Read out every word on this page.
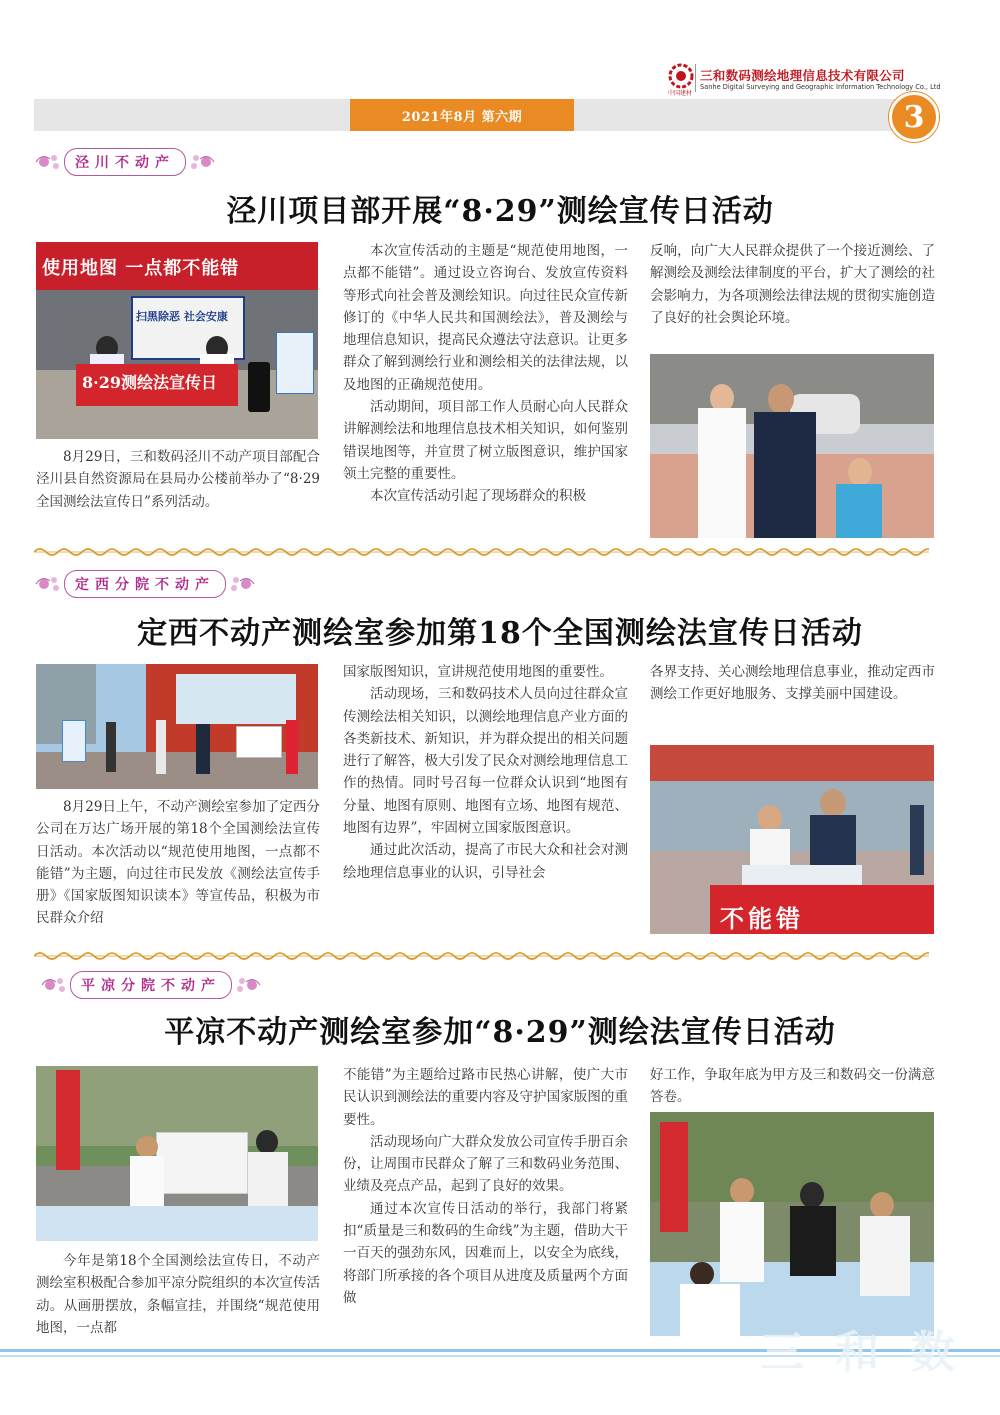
中国建材
三和数码测绘地理信息技术有限公司
Sanhe Digital Surveying and Geographic Information Technology Co., Ltd
2021年8月 第六期	3
泾川不动产
泾川项目部开展“8·29”测绘宣传日活动
使用地图 一点都不能错
扫黑除恶 社会安康
8·29测绘法宣传日

8月29日，三和数码泾川不动产项目部配合泾川县自然资源局在县局办公楼前举办了“8·29全国测绘法宣传日”系列活动。

本次宣传活动的主题是“规范使用地图，一点都不能错”。通过设立咨询台、发放宣传资料等形式向社会普及测绘知识。向过往民众宣传新修订的《中华人民共和国测绘法》，普及测绘与地理信息知识，提高民众遵法守法意识。让更多群众了解到测绘行业和测绘相关的法律法规，以及地图的正确规范使用。

活动期间，项目部工作人员耐心向人民群众讲解测绘法和地理信息技术相关知识，如何鉴别错误地图等，并宣贯了树立版图意识，维护国家领土完整的重要性。

本次宣传活动引起了现场群众的积极

反响，向广大人民群众提供了一个接近测绘、了解测绘及测绘法律制度的平台，扩大了测绘的社会影响力，为各项测绘法律法规的贯彻实施创造了良好的社会舆论环境。

定西分院不动产
定西不动产测绘室参加第18个全国测绘法宣传日活动

8月29日上午，不动产测绘室参加了定西分公司在万达广场开展的第18个全国测绘法宣传日活动。本次活动以“规范使用地图，一点都不能错”为主题，向过往市民发放《测绘法宣传手册》《国家版图知识读本》等宣传品，积极为市民群众介绍

国家版图知识，宣讲规范使用地图的重要性。

活动现场，三和数码技术人员向过往群众宣传测绘法相关知识，以测绘地理信息产业方面的各类新技术、新知识，并为群众提出的相关问题进行了解答，极大引发了民众对测绘地理信息工作的热情。同时号召每一位群众认识到“地图有分量、地图有原则、地图有立场、地图有规范、地图有边界”，牢固树立国家版图意识。

通过此次活动，提高了市民大众和社会对测绘地理信息事业的认识，引导社会

各界支持、关心测绘地理信息事业，推动定西市测绘工作更好地服务、支撑美丽中国建设。

不能错
平凉分院不动产
平凉不动产测绘室参加“8·29”测绘法宣传日活动

今年是第18个全国测绘法宣传日，不动产测绘室积极配合参加平凉分院组织的本次宣传活动。从画册摆放，条幅宣挂，并围绕“规范使用地图，一点都

不能错”为主题给过路市民热心讲解，使广大市民认识到测绘法的重要内容及守护国家版图的重要性。

活动现场向广大群众发放公司宣传手册百余份，让周围市民群众了解了三和数码业务范围、业绩及亮点产品，起到了良好的效果。

通过本次宣传日活动的举行，我部门将紧扣“质量是三和数码的生命线”为主题，借助大干一百天的强劲东风，因难而上，以安全为底线，将部门所承接的各个项目从进度及质量两个方面做

好工作，争取年底为甲方及三和数码交一份满意答卷。

三 和 数
